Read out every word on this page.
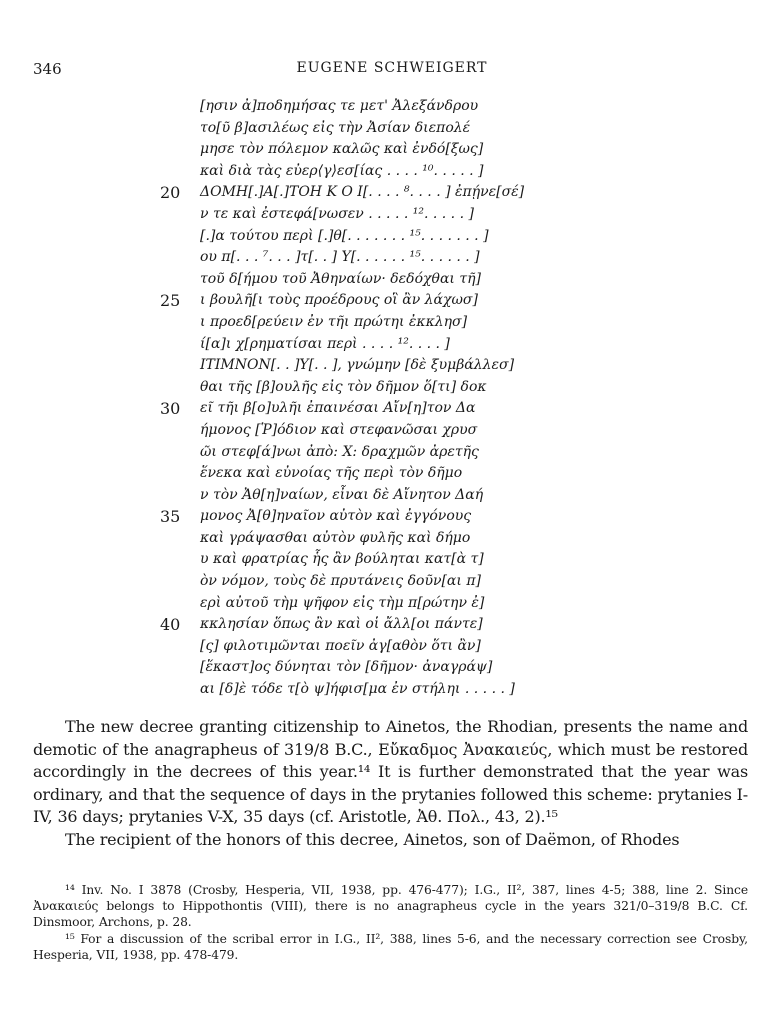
346	EUGENE SCHWEIGERT
[ησιν ἀ]ποδημήσας τε μετ' Ἀλεξάνδρου
το[ῦ β]ασιλέως εἰς τὴν Ἀσίαν διεπολέ
μησε τὸν πόλεμον καλῶς καὶ ἐνδό[ξως]
καὶ διὰ τὰς εὐερ⟨γ⟩εσ[ίας . . . . ¹⁰. . . . . ]
20	ΔΟΜΗ[.]Α[.]ΤΟΗ Κ Ο Ι[. . . . ⁸. . . . ] ἐπῄνε[σέ]
ν τε καὶ ἐστεφά[νωσεν . . . . . ¹². . . . . ]
[.]α τούτου περὶ [.]θ[. . . . . . . ¹⁵. . . . . . . ]
ου π[. . . ⁷. . . ]τ[. . ] Υ[. . . . . . ¹⁵. . . . . . ]
τοῦ δ[ήμου τοῦ Ἀθηναίων· δεδόχθαι τῆ]
25	ι βουλῆ[ι τοὺς προέδρους οἳ ἂν λάχωσ]
ι προεδ[ρεύειν ἐν τῆι πρώτηι ἐκκλησ]
ί[α]ι χ[ρηματίσαι περὶ . . . . ¹². . . . ]
ΙΤΙΜΝΟΝ[. . ]Υ[. . ], γνώμην [δὲ ξυμβάλλεσ]
θαι τῆς [β]ουλῆς εἰς τὸν δῆμον ὅ[τι] δοκ
30	εῖ τῆι β[ο]υλῆι ἐπαινέσαι Αἴν[η]τον Δα
ήμονος [Ῥ]όδιον καὶ στεφανῶσαι χρυσ
ῶι στεφ[ά]νωι ἀπὸ: Χ: δραχμῶν ἀρετῆς
ἕνεκα καὶ εὐνοίας τῆς περὶ τὸν δῆμο
ν τὸν Ἀθ[η]ναίων, εἶναι δὲ Αἴνητον Δαή
35	μονος Ἀ[θ]ηναῖον αὐτὸν καὶ ἐγγόνους
καὶ γράψασθαι αὐτὸν φυλῆς καὶ δήμο
υ καὶ φρατρίας ἧς ἂν βούληται κατ[ὰ τ]
ὸν νόμον, τοὺς δὲ πρυτάνεις δοῦν[αι π]
ερὶ αὐτοῦ τὴμ ψῆφον εἰς τὴμ π[ρώτην ἐ]
40	κκλησίαν ὅπως ἂν καὶ οἱ ἄλλ[οι πάντε]
[ς] φιλοτιμῶνται ποεῖν ἀγ[αθὸν ὅτι ἂν]
[ἕκαστ]ος δύνηται τὸν [δῆμον· ἀναγράψ]
αι [δ]ὲ τόδε τ[ὸ ψ]ήφισ[μα ἐν στήληι . . . . . ]

The new decree granting citizenship to Ainetos, the Rhodian, presents the name and demotic of the anagrapheus of 319/8 B.C., Εὔκαδμος Ἀνακαιεύς, which must be restored accordingly in the decrees of this year.¹⁴ It is further demonstrated that the year was ordinary, and that the sequence of days in the prytanies followed this scheme: prytanies I-IV, 36 days; prytanies V-X, 35 days (cf. Aristotle, Ἀθ. Πολ., 43, 2).¹⁵

The recipient of the honors of this decree, Ainetos, son of Daëmon, of Rhodes

¹⁴ Inv. No. I 3878 (Crosby, Hesperia, VII, 1938, pp. 476-477); I.G., II², 387, lines 4-5; 388, line 2. Since Ἀνακαιεύς belongs to Hippothontis (VIII), there is no anagrapheus cycle in the years 321/0–319/8 B.C. Cf. Dinsmoor, Archons, p. 28.

¹⁵ For a discussion of the scribal error in I.G., II², 388, lines 5-6, and the necessary correction see Crosby, Hesperia, VII, 1938, pp. 478-479.
